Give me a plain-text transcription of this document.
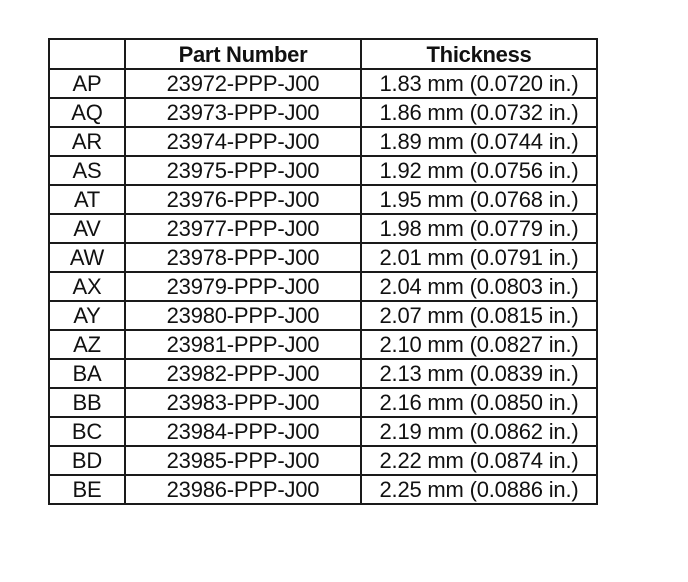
	Part Number	Thickness
AP	23972-PPP-J00	1.83 mm (0.0720 in.)
AQ	23973-PPP-J00	1.86 mm (0.0732 in.)
AR	23974-PPP-J00	1.89 mm (0.0744 in.)
AS	23975-PPP-J00	1.92 mm (0.0756 in.)
AT	23976-PPP-J00	1.95 mm (0.0768 in.)
AV	23977-PPP-J00	1.98 mm (0.0779 in.)
AW	23978-PPP-J00	2.01 mm (0.0791 in.)
AX	23979-PPP-J00	2.04 mm (0.0803 in.)
AY	23980-PPP-J00	2.07 mm (0.0815 in.)
AZ	23981-PPP-J00	2.10 mm (0.0827 in.)
BA	23982-PPP-J00	2.13 mm (0.0839 in.)
BB	23983-PPP-J00	2.16 mm (0.0850 in.)
BC	23984-PPP-J00	2.19 mm (0.0862 in.)
BD	23985-PPP-J00	2.22 mm (0.0874 in.)
BE	23986-PPP-J00	2.25 mm (0.0886 in.)
